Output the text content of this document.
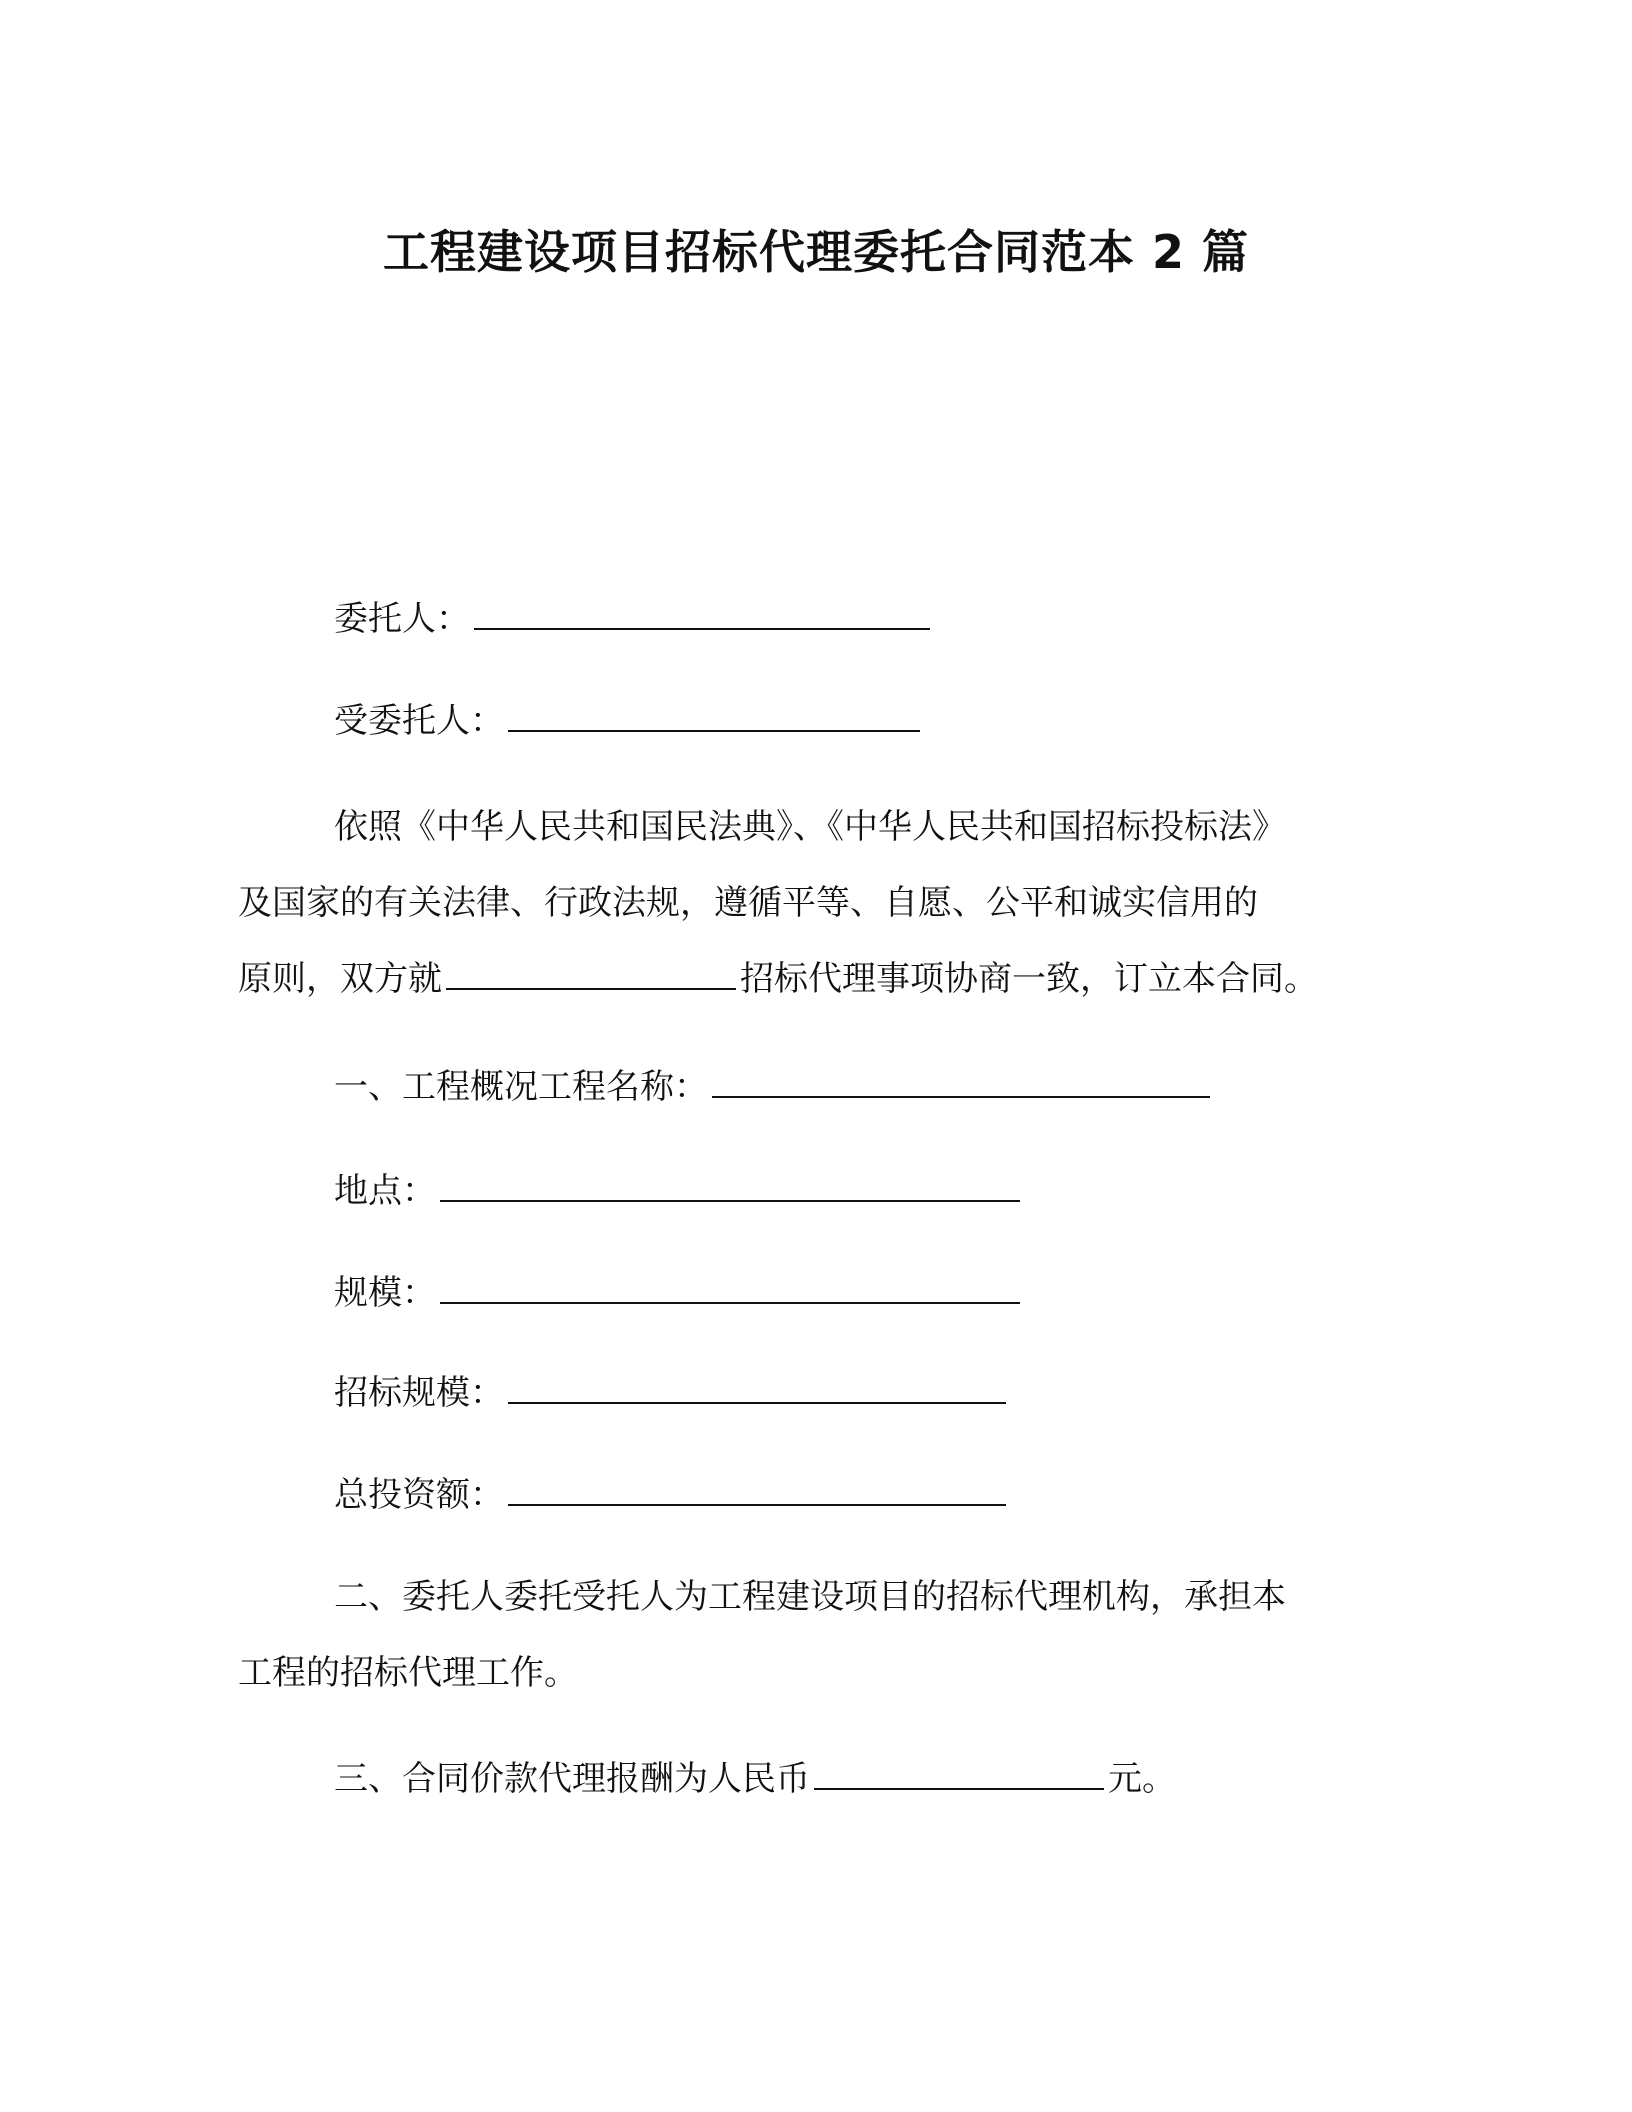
工程建设项目招标代理委托合同范本 2 篇
委托人：
受委托人：
依照《中华人民共和国民法典》、《中华人民共和国招标投标法》
及国家的有关法律、行政法规，遵循平等、自愿、公平和诚实信用的
原则，双方就	招标代理事项协商一致，订立本合同。
一、工程概况工程名称：
地点：
规模：
招标规模：
总投资额：
二、委托人委托受托人为工程建设项目的招标代理机构，承担本
工程的招标代理工作。
三、合同价款代理报酬为人民币	元。
